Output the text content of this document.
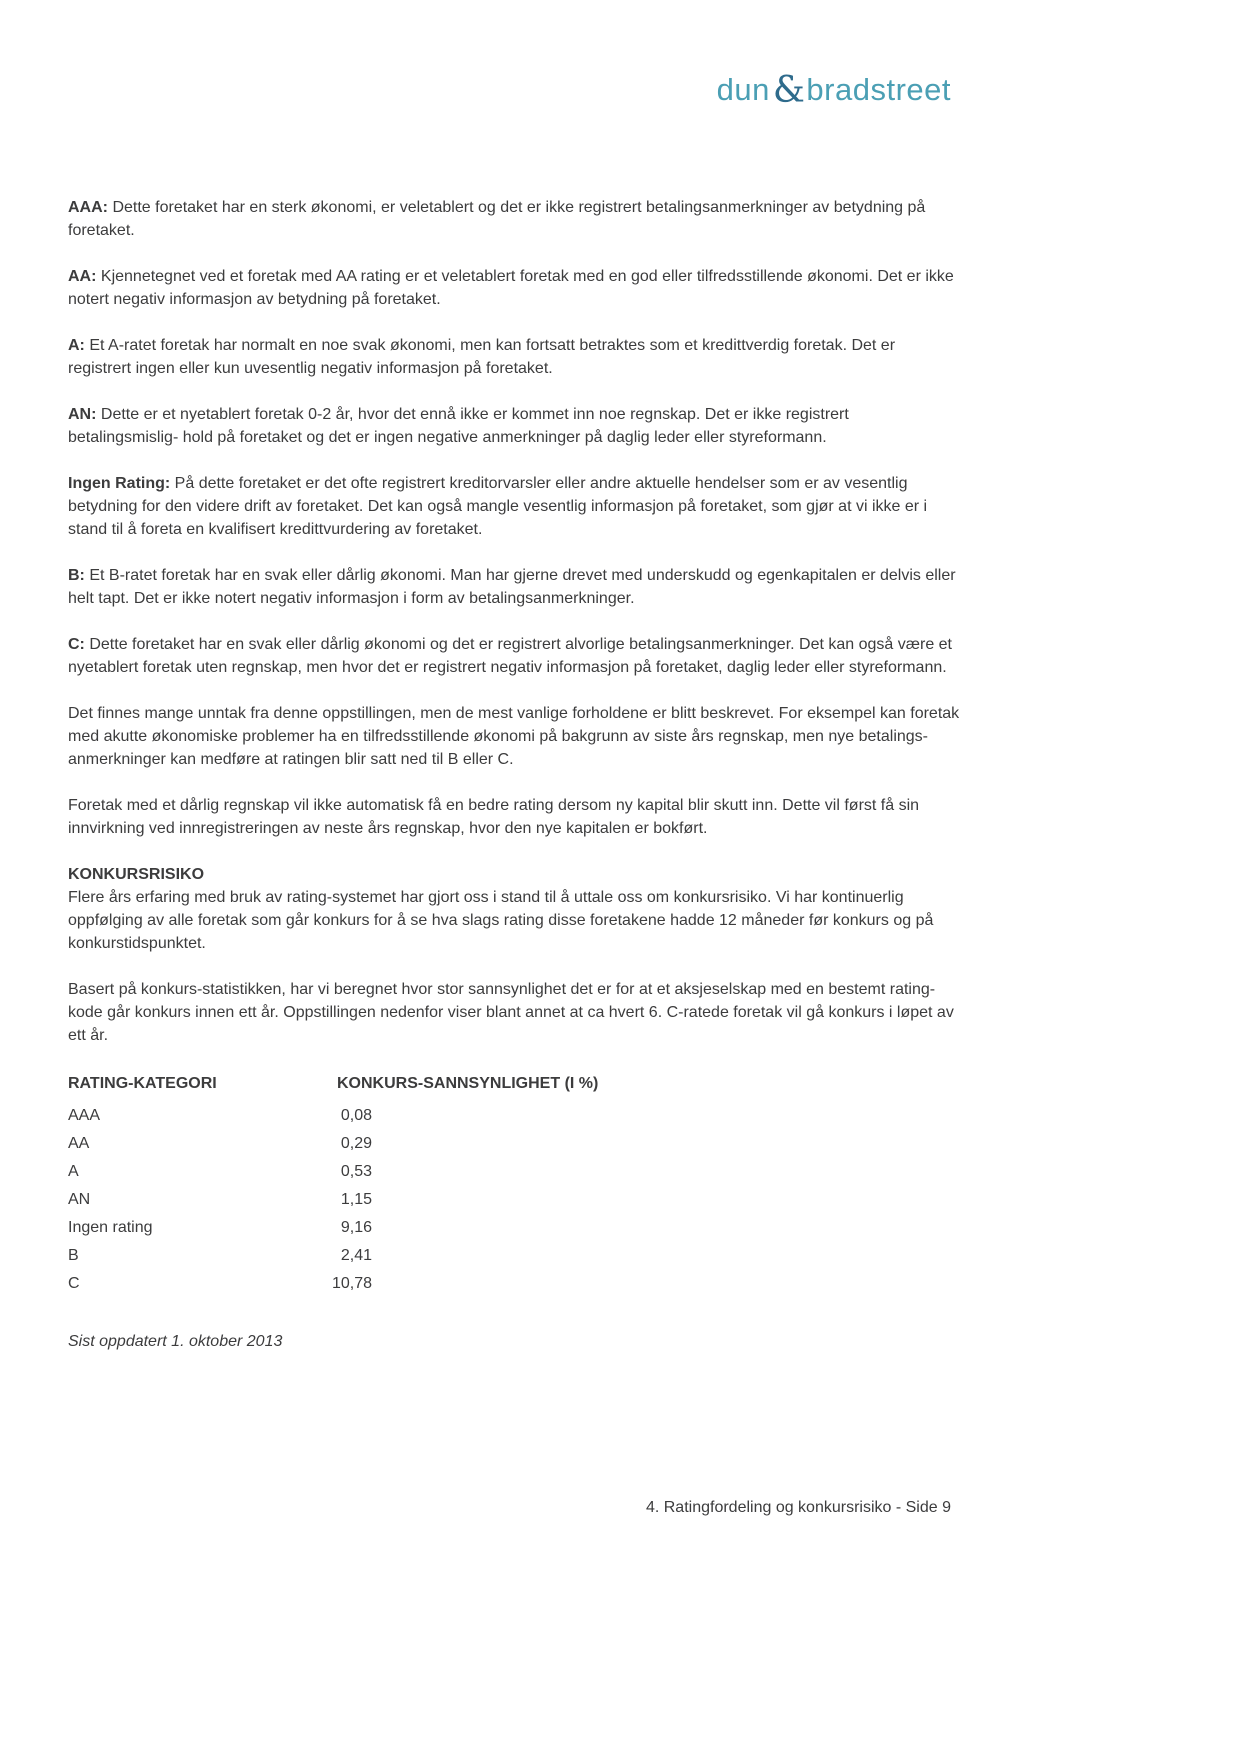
dun & bradstreet

AAA: Dette foretaket har en sterk økonomi, er veletablert og det er ikke registrert betalingsanmerkninger av betydning på foretaket.

AA: Kjennetegnet ved et foretak med AA rating er et veletablert foretak med en god eller tilfredsstillende økonomi. Det er ikke notert negativ informasjon av betydning på foretaket.

A: Et A-ratet foretak har normalt en noe svak økonomi, men kan fortsatt betraktes som et kredittverdig foretak. Det er registrert ingen eller kun uvesentlig negativ informasjon på foretaket.

AN: Dette er et nyetablert foretak 0-2 år, hvor det ennå ikke er kommet inn noe regnskap. Det er ikke registrert betalingsmislig- hold på foretaket og det er ingen negative anmerkninger på daglig leder eller styreformann.

Ingen Rating: På dette foretaket er det ofte registrert kreditorvarsler eller andre aktuelle hendelser som er av vesentlig betydning for den videre drift av foretaket. Det kan også mangle vesentlig informasjon på foretaket, som gjør at vi ikke er i stand til å foreta en kvalifisert kredittvurdering av foretaket.

B: Et B-ratet foretak har en svak eller dårlig økonomi. Man har gjerne drevet med underskudd og egenkapitalen er delvis eller helt tapt. Det er ikke notert negativ informasjon i form av betalingsanmerkninger.

C: Dette foretaket har en svak eller dårlig økonomi og det er registrert alvorlige betalingsanmerkninger. Det kan også være et nyetablert foretak uten regnskap, men hvor det er registrert negativ informasjon på foretaket, daglig leder eller styreformann.

Det finnes mange unntak fra denne oppstillingen, men de mest vanlige forholdene er blitt beskrevet. For eksempel kan foretak med akutte økonomiske problemer ha en tilfredsstillende økonomi på bakgrunn av siste års regnskap, men nye betalings- anmerkninger kan medføre at ratingen blir satt ned til B eller C.

Foretak med et dårlig regnskap vil ikke automatisk få en bedre rating dersom ny kapital blir skutt inn. Dette vil først få sin innvirkning ved innregistreringen av neste års regnskap, hvor den nye kapitalen er bokført.

KONKURSRISIKO

Flere års erfaring med bruk av rating-systemet har gjort oss i stand til å uttale oss om konkursrisiko. Vi har kontinuerlig oppfølging av alle foretak som går konkurs for å se hva slags rating disse foretakene hadde 12 måneder før konkurs og på konkurstidspunktet.

Basert på konkurs-statistikken, har vi beregnet hvor stor sannsynlighet det er for at et aksjeselskap med en bestemt rating-kode går konkurs innen ett år. Oppstillingen nedenfor viser blant annet at ca hvert 6. C-ratede foretak vil gå konkurs i løpet av ett år.

RATING-KATEGORI	KONKURS-SANNSYNLIGHET (I %)
AAA	0,08
AA	0,29
A	0,53
AN	1,15
Ingen rating	9,16
B	2,41
C	10,78

Sist oppdatert 1. oktober 2013

4. Ratingfordeling og konkursrisiko - Side 9
